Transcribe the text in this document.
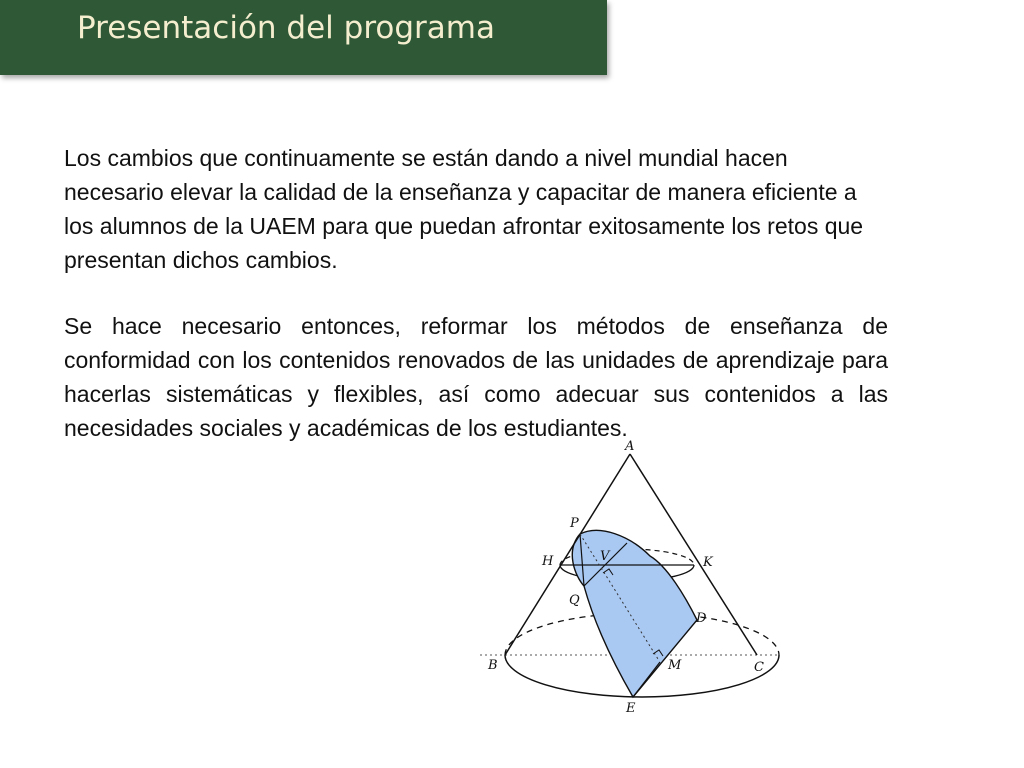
Presentación del programa

Los cambios que continuamente se están dando a nivel mundial hacen necesario elevar la calidad de la enseñanza y capacitar de manera eficiente a los alumnos de la UAEM para que puedan afrontar exitosamente los retos que presentan dichos cambios.

Se hace necesario entonces, reformar los métodos de enseñanza de conformidad con los contenidos renovados de las unidades de aprendizaje para hacerlas sistemáticas y flexibles, así como adecuar sus contenidos a las necesidades sociales y académicas de los estudiantes.

A
P
H	V	K
Q
D
B	M	C
E
